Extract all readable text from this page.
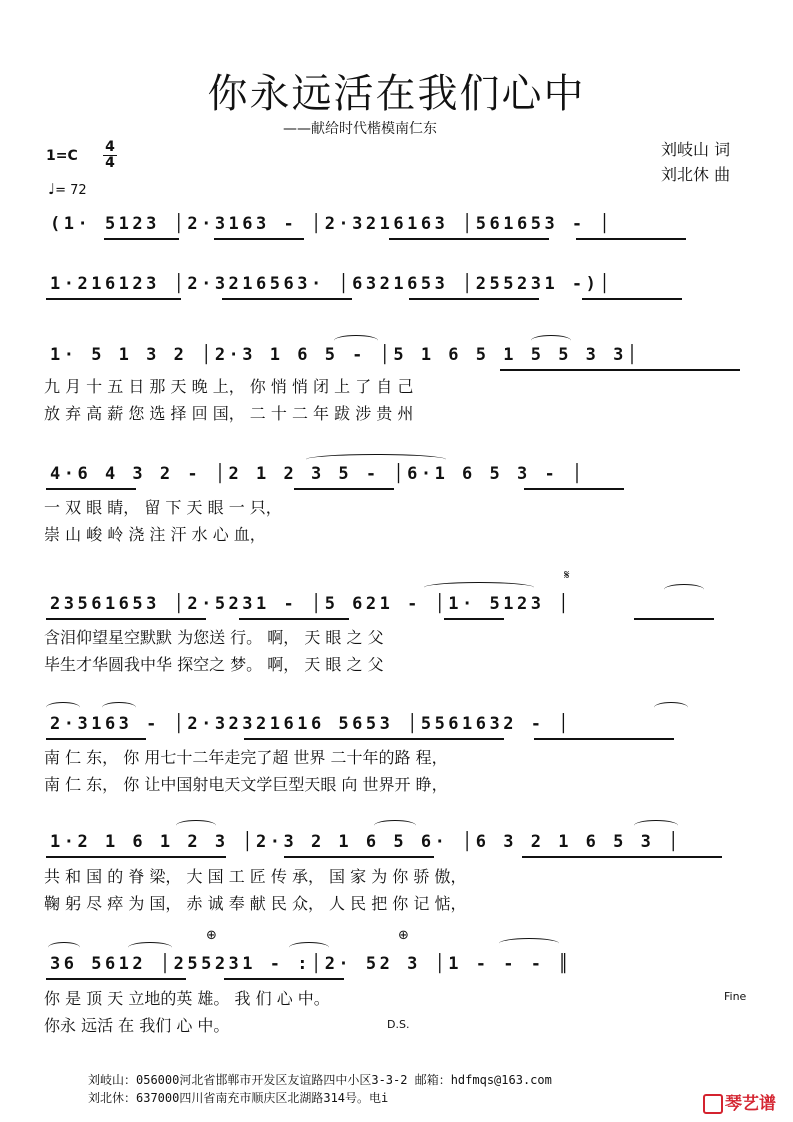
你永远活在我们心中
——献给时代楷模南仁东
1=C
4
4
♩= 72
刘岐山 词
刘北休 曲
(1· 5123 │2·3163 - │2·3216163 │561653 - │
1·216123 │2·3216563· │6321653 │255231 -)│
1· 5 1 3 2 │2·3 1 6 5 - │5 1 6 5 1 5 5 3 3│
九 月 十 五 日 那 天 晚 上， 你 悄 悄 闭 上 了 自 己
放 弃 高 薪 您 选 择 回 国， 二 十 二 年 跋 涉 贵 州
4·6 4 3 2 - │2 1 2 3 5 - │6·1 6 5 3 - │
一 双 眼 睛， 留 下 天 眼 一 只，
崇 山 峻 岭 浇 注 汗 水 心 血，
23561653 │2·5231 - │5 621 - │1· 5123 │
𝄋
含泪仰望星空默默 为您送 行。 啊， 天 眼 之 父
毕生才华圆我中华 探空之 梦。 啊， 天 眼 之 父
2·3163 - │2·32321616 5653 │5561632 - │
南 仁 东， 你 用七十二年走完了超 世界 二十年的路 程，
南 仁 东， 你 让中国射电天文学巨型天眼 向 世界开 睁，
1·2 1 6 1 2 3 │2·3 2 1 6 5 6· │6 3 2 1 6 5 3 │
共 和 国 的 脊 梁， 大 国 工 匠 传 承， 国 家 为 你 骄 傲，
鞠 躬 尽 瘁 为 国， 赤 诚 奉 献 民 众， 人 民 把 你 记 惦，
36 5612 │255231 - :│2· 52 3 │1 - - - ║
⊕	⊕
你 是 顶 天 立地的英 雄。 我 们 心 中。
你永 远活 在 我们 心 中。
Fine
D.S.
刘岐山：056000河北省邯郸市开发区友谊路四中小区3-3-2 邮箱：hdfmqs@163.com
刘北休：637000四川省南充市顺庆区北湖路314号。电i	琴艺谱
